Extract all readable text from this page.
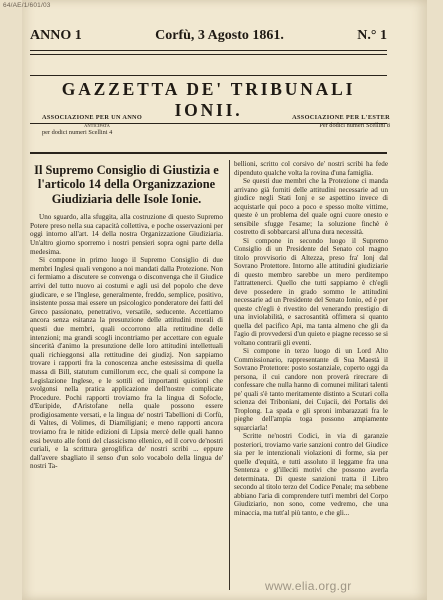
64/AE/1/601/03
ANNO 1	Corfù, 3 Agosto 1861.	N.° 1
GAZZETTA DE' TRIBUNALI IONII.
ASSOCIAZIONE PER UN ANNO
ANTICIPATA
per dodici numeri Scellini 4
ASSOCIAZIONE PER L'ESTER
Per dodici numeri Scellini 8
Il Supremo Consiglio di Giustizia e l'articolo 14 della Organizzazione Giudiziaria delle Isole Ionie.

Uno sguardo, alla sfuggita, alla costruzione di questo Supremo Potere preso nella sua capacità collettiva, e poche osservazioni per oggi intorno all'art. 14 della nostra Organizzazione Giudiziaria. Un'altro giorno sporremo i nostri pensieri sopra ogni parte della medesima.

Si compone in primo luogo il Supremo Consiglio di due membri Inglesi quali vengono a noi mandati dalla Protezione. Non ci fermiamo a discutere se convenga o disconvenga che il Giudice arrivi del tutto nuovo ai costumi e agli usi del popolo che deve giudicare, e se l'Inglese, generalmente, freddo, semplice, positivo, insistente possa mai essere un psicologico ponderatore dei fatti del Greco passionato, penetrativo, versatile, seducente. Accettiamo ancora senza esitanza la presunzione delle attitudini morali di questi due membri, quali occorrono alla rettitudine delle intenzioni; ma grandi scogli incontriamo per accettare con eguale sincerità d'animo la presunzione delle loro attitudini intellettuali quali richieggonsi alla rettitudine dei giudizj. Non sappiamo trovare i rapporti fra la conoscenza anche estesissima di quella massa di Bill, statutum cumillorum ecc, che quali si compone la Legislazione Inglese, e le sottili ed importanti quistioni che svolgonsi nella pratica applicazione dell'nostre complicate Procedure. Pochi rapporti troviamo fra la lingua di Sofocle, d'Euripide, d'Aristofane nella quale possono essere prodigiosamente versati, e la lingua de' nostri Tabellioni di Corfù, di Valtes, di Volimes, di Diamiligiani; e meno rapporti ancora troviamo fra le nitide edizioni di Lipsia mercè delle quali hanno essi bevuto alle fonti del classicismo ellenico, ed il corvo de'nostri curiali, e la scrittura geroglifica de' nostri scribi ... eppure dall'avere sbagliato il senso d'un solo vocabolo della lingua de' nostri Ta-

bellioni, scritto col corsivo de' nostri scribi ha fede dipenduto qualche volta la rovina d'una famiglia.

Se questi due membri che la Protezione ci manda arrivano già forniti delle attitudini necessarie ad un giudice negli Stati Ionj e se aspettino invece di acquistarle qui poco a poco e spesso molte vittime, queste è un problema del quale ogni cuore onesto e sensibile sfugge l'esame; la soluzione finchè è costretto di sobbarcarsi all'una dura necessità.

Si compone in secondo luogo il Supremo Consiglio di un Presidente del Senato col magno titolo provvisorio di Altezza, preso fra' Ionj dal Sovrano Protettore. Intorno alle attitudini giudiziarie di questo membro sarebbe un mero perditempo l'attrattenerci. Quello che tutti sappiamo è ch'egli deve possedere in grado sommo le attitudini necessarie ad un Presidente del Senato Ionio, ed è per queste ch'egli è rivestito del venerando prestigio di una inviolabilità, e sacrosantità offimera si quanto quella del pacifico Api, ma tanta almeno che gli da l'agio di provvedersi d'un quieto e piagne recesso se si voltano contrarii gli eventi.

Si compone in terzo luogo di un Lord Alto Commissionario, rappresentante di Sua Maestà il Sovrano Protettore: posto sostanziale, coperto oggi da persona, il cui candore non proverà rirecrare di confessare che nulla hanno di comunei militari talenti pe' quali s'è tanto meritamente distinto a Scutari colla scienza dei Triboniani, dei Cujacii, dei Portalis dei Troplong. La spada e gli sproni imbarazzati fra le pieghe dell'ampia toga possono ampiamente squarciarla!

Scritte ne'nostri Codici, in via di garanzie posteriori, troviamo varie sanzioni contro del Giudice sia per le intenzionali violazioni di forme, sia per quelle d'equità, e tutti assoluto il leggame fra una Sentenza e gl'illeciti motivi che possono averla determinata. Di queste sanzioni tratta il Libro secondo al titolo terzo del Codice Penale; ma sebbene abbiano l'aria di comprendere tutt'i membri del Corpo Giudiziario, non sono, come vedremo, che una minaccia, ma tutt'al più tanto, e che gli...

www.elia.org.gr
